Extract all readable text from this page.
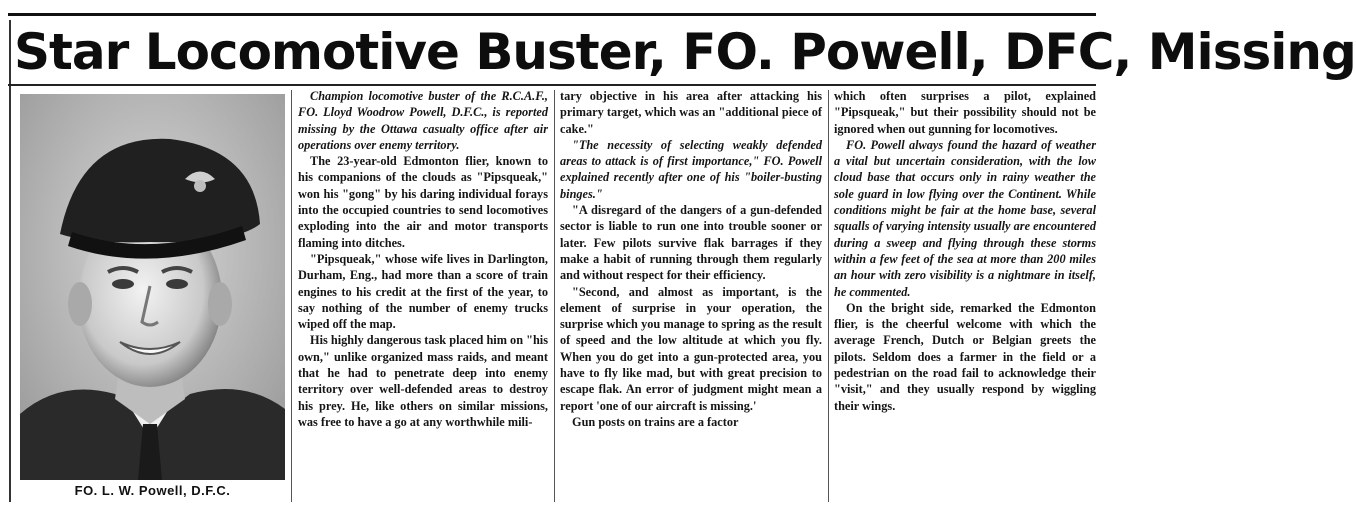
Star Locomotive Buster, FO. Powell, DFC, Missing
FO. L. W. Powell, D.F.C.

Champion locomotive buster of the R.C.A.F., FO. Lloyd Woodrow Powell, D.F.C., is reported missing by the Ottawa casualty office after air operations over enemy territory.

The 23-year-old Edmonton flier, known to his companions of the clouds as "Pipsqueak," won his "gong" by his daring individual forays into the occupied countries to send locomotives exploding into the air and motor transports flaming into ditches.

"Pipsqueak," whose wife lives in Darlington, Durham, Eng., had more than a score of train engines to his credit at the first of the year, to say nothing of the number of enemy trucks wiped off the map.

His highly dangerous task placed him on "his own," unlike organized mass raids, and meant that he had to penetrate deep into enemy territory over well-defended areas to destroy his prey. He, like others on similar missions, was free to have a go at any worthwhile mili-

tary objective in his area after attacking his primary target, which was an "additional piece of cake."

"The necessity of selecting weakly defended areas to attack is of first importance," FO. Powell explained recently after one of his "boiler-busting binges."

"A disregard of the dangers of a gun-defended sector is liable to run one into trouble sooner or later. Few pilots survive flak barrages if they make a habit of running through them regularly and without respect for their efficiency.

"Second, and almost as important, is the element of surprise in your operation, the surprise which you manage to spring as the result of speed and the low altitude at which you fly. When you do get into a gun-protected area, you have to fly like mad, but with great precision to escape flak. An error of judgment might mean a report 'one of our aircraft is missing.'

Gun posts on trains are a factor

which often surprises a pilot, explained "Pipsqueak," but their possibility should not be ignored when out gunning for locomotives.

FO. Powell always found the hazard of weather a vital but uncertain consideration, with the low cloud base that occurs only in rainy weather the sole guard in low flying over the Continent. While conditions might be fair at the home base, several squalls of varying intensity usually are encountered during a sweep and flying through these storms within a few feet of the sea at more than 200 miles an hour with zero visibility is a nightmare in itself, he commented.

On the bright side, remarked the Edmonton flier, is the cheerful welcome with which the average French, Dutch or Belgian greets the pilots. Seldom does a farmer in the field or a pedestrian on the road fail to acknowledge their "visit," and they usually respond by wiggling their wings.
